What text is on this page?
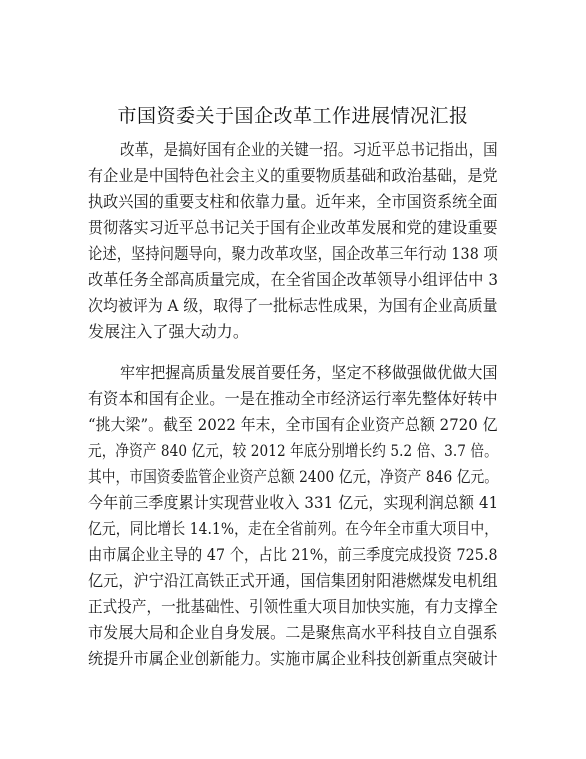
市国资委关于国企改革工作进展情况汇报
改革，是搞好国有企业的关键一招。习近平总书记指出，国
有企业是中国特色社会主义的重要物质基础和政治基础，是党
执政兴国的重要支柱和依靠力量。近年来，全市国资系统全面
贯彻落实习近平总书记关于国有企业改革发展和党的建设重要
论述，坚持问题导向，聚力改革攻坚，国企改革三年行动 138 项
改革任务全部高质量完成，在全省国企改革领导小组评估中 3
次均被评为 A 级，取得了一批标志性成果，为国有企业高质量
发展注入了强大动力。
牢牢把握高质量发展首要任务，坚定不移做强做优做大国
有资本和国有企业。一是在推动全市经济运行率先整体好转中
“挑大梁”。截至 2022 年末，全市国有企业资产总额 2720 亿
元，净资产 840 亿元，较 2012 年底分别增长约 5.2 倍、3.7 倍。
其中，市国资委监管企业资产总额 2400 亿元，净资产 846 亿元。
今年前三季度累计实现营业收入 331 亿元，实现利润总额 41
亿元，同比增长 14.1%，走在全省前列。在今年全市重大项目中，
由市属企业主导的 47 个，占比 21%，前三季度完成投资 725.8
亿元，沪宁沿江高铁正式开通，国信集团射阳港燃煤发电机组
正式投产，一批基础性、引领性重大项目加快实施，有力支撑全
市发展大局和企业自身发展。二是聚焦高水平科技自立自强系
统提升市属企业创新能力。实施市属企业科技创新重点突破计
